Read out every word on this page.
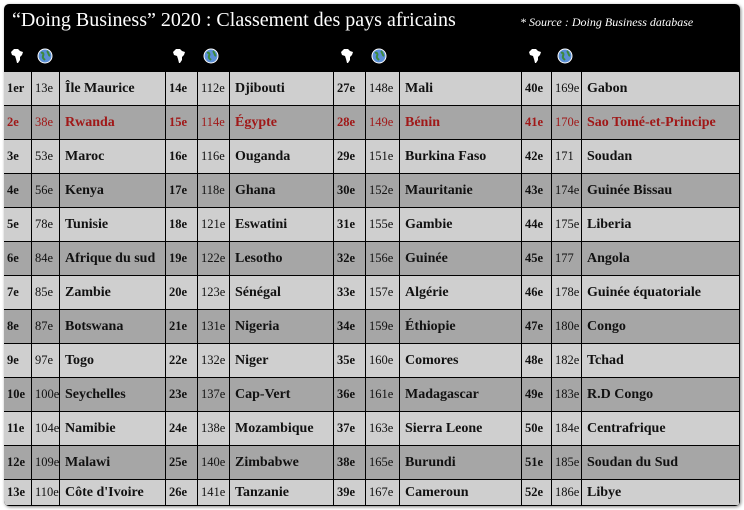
“Doing Business” 2020 : Classement des pays africains	* Source : Doing Business database
1er 13e Île Maurice	14e	112e Djibouti	27e	148e Mali	40e 169e Gabon
2e	38e Rwanda	15e	114e Égypte	28e	149e Bénin	41e 170e Sao Tomé-et-Principe
3e	53e Maroc	16e	116e Ouganda	29e	151e Burkina Faso	42e 171 Soudan
4e	56e Kenya	17e	118e Ghana	30e	152e Mauritanie	43e 174e Guinée Bissau
5e	78e Tunisie	18e	121e Eswatini	31e	155e Gambie	44e 175e Liberia
6e	84e Afrique du sud	19e	122e Lesotho	32e	156e Guinée	45e 177 Angola
7e	85e Zambie	20e	123e Sénégal	33e	157e Algérie	46e 178e Guinée équatoriale
8e	87e Botswana	21e	131e Nigeria	34e	159e Éthiopie	47e 180e Congo
9e	97e Togo	22e	132e Niger	35e	160e Comores	48e 182e Tchad
10e 100e Seychelles	23e	137e Cap-Vert	36e	161e Madagascar	49e 183e R.D Congo
11e 104e Namibie	24e	138e Mozambique	37e	163e Sierra Leone	50e 184e Centrafrique
12e 109e Malawi	25e	140e Zimbabwe	38e	165e Burundi	51e 185e Soudan du Sud
13e 110e Côte d'Ivoire	26e	141e Tanzanie	39e	167e Cameroun	52e 186e Libye
